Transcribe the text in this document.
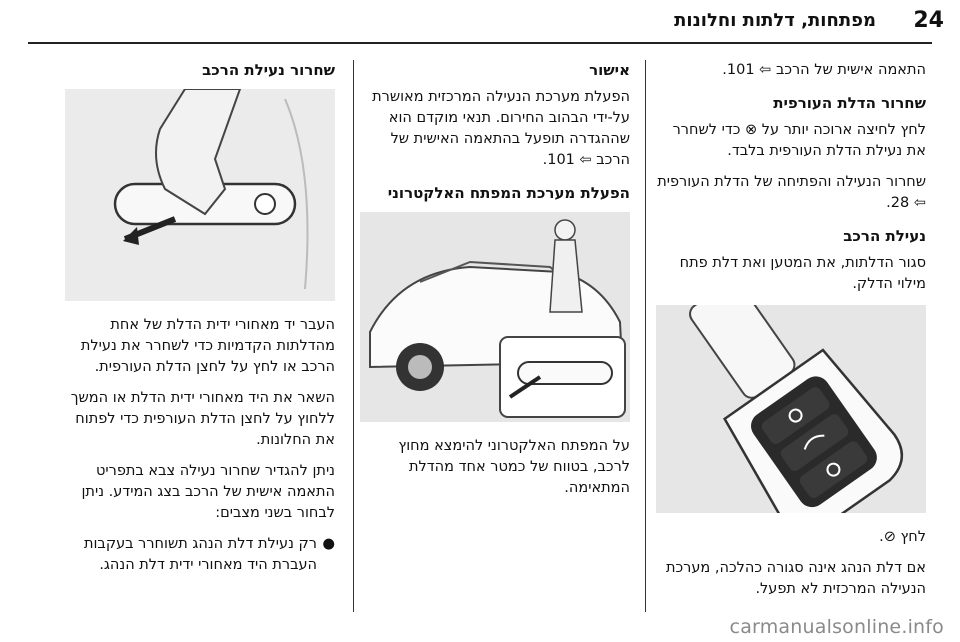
24
מפתחות, דלתות וחלונות

התאמה אישית של הרכב ⇦ 101.

שחרור הדלת העורפית

לחץ לחיצה ארוכה יותר על ⊗ כדי לשחרר את נעילת הדלת העורפית בלבד.

שחרור הנעילה והפתיחה של הדלת העורפית ⇦ 28.

נעילת הרכב

סגור הדלתות, את המטען ואת דלת פתח מילוי הדלק.

לחץ ⊘.

אם דלת הנהג אינה סגורה כהלכה, מערכת הנעילה המרכזית לא תפעל.

אישור

הפעלת מערכת הנעילה המרכזית מאושרת על-ידי הבהוב החירום. תנאי מוקדם הוא שההגדרה תופעל בהתאמה האישית של הרכב ⇦ 101.

הפעלת מערכת המפתח האלקטרוני

על המפתח האלקטרוני להימצא מחוץ לרכב, בטווח של כמטר אחד מהדלת המתאימה.

שחרור נעילת הרכב

העבר יד מאחורי ידית הדלת של אחת מהדלתות הקדמיות כדי לשחרר את נעילת הרכב או לחץ על לחצן הדלת העורפית.

השאר את היד מאחורי ידית הדלת או המשך ללחוץ על לחצן הדלת העורפית כדי לפתוח את החלונות.

ניתן להגדיר שחרור נעילה צבא בתפריט התאמה אישית של הרכב בצג המידע. ניתן לבחור בשני מצבים:

●
רק נעילת דלת הנהג תשוחרר בעקבות העברת היד מאחורי ידית דלת הנהג.
carmanualsonline.info
